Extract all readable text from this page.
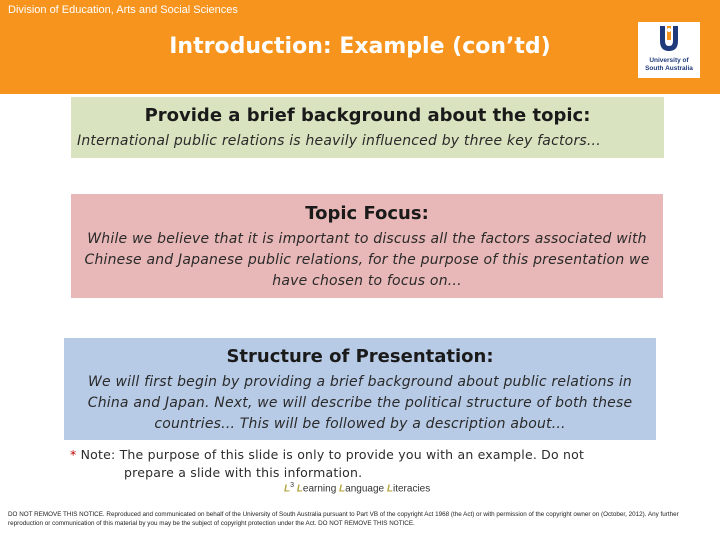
Division of Education, Arts and Social Sciences
Introduction: Example (con’td)
University of
South Australia
Provide a brief background about the topic:
International public relations is heavily influenced by three key factors...
Topic Focus:
While we believe that it is important to discuss all the factors associated with Chinese and Japanese public relations, for the purpose of this presentation we have chosen to focus on...
Structure of Presentation:
We will first begin by providing a brief background about public relations in China and Japan. Next, we will describe the political structure of both these countries... This will be followed by a description about...
* Note: The purpose of this slide is only to provide you with an example. Do not
prepare a slide with this information.
$L^3$ Learning Language Literacies
DO NOT REMOVE THIS NOTICE. Reproduced and communicated on behalf of the University of South Australia pursuant to Part VB of the copyright Act 1968 (the Act) or with permission of the copyright owner on (October, 2012). Any further reproduction or communication of this material by you may be the subject of copyright protection under the Act. DO NOT REMOVE THIS NOTICE.
